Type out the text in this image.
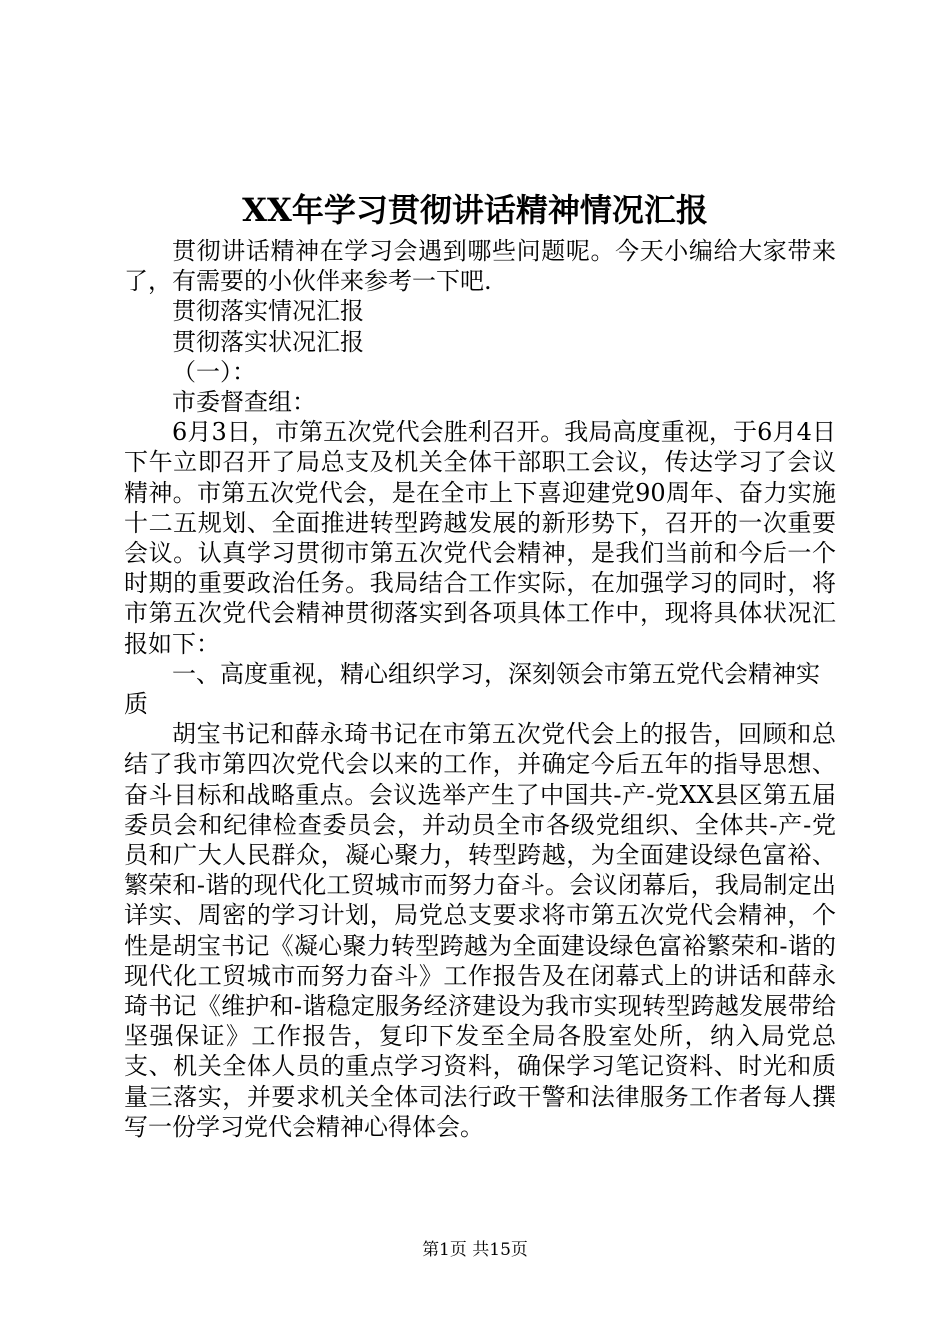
XX年学习贯彻讲话精神情况汇报

贯彻讲话精神在学习会遇到哪些问题呢。今天小编给大家带来了，有需要的小伙伴来参考一下吧.

贯彻落实情况汇报

贯彻落实状况汇报

（一）：

市委督查组：

6月3日，市第五次党代会胜利召开。我局高度重视，于6月4日下午立即召开了局总支及机关全体干部职工会议，传达学习了会议精神。市第五次党代会，是在全市上下喜迎建党90周年、奋力实施十二五规划、全面推进转型跨越发展的新形势下，召开的一次重要会议。认真学习贯彻市第五次党代会精神，是我们当前和今后一个时期的重要政治任务。我局结合工作实际，在加强学习的同时，将市第五次党代会精神贯彻落实到各项具体工作中，现将具体状况汇报如下：

一、高度重视，精心组织学习，深刻领会市第五党代会精神实质

胡宝书记和薛永琦书记在市第五次党代会上的报告，回顾和总结了我市第四次党代会以来的工作，并确定今后五年的指导思想、奋斗目标和战略重点。会议选举产生了中国共-产-党XX县区第五届委员会和纪律检查委员会，并动员全市各级党组织、全体共-产-党员和广大人民群众，凝心聚力，转型跨越，为全面建设绿色富裕、繁荣和-谐的现代化工贸城市而努力奋斗。会议闭幕后，我局制定出详实、周密的学习计划，局党总支要求将市第五次党代会精神，个性是胡宝书记《凝心聚力转型跨越为全面建设绿色富裕繁荣和-谐的现代化工贸城市而努力奋斗》工作报告及在闭幕式上的讲话和薛永琦书记《维护和-谐稳定服务经济建设为我市实现转型跨越发展带给坚强保证》工作报告，复印下发至全局各股室处所，纳入局党总支、机关全体人员的重点学习资料，确保学习笔记资料、时光和质量三落实，并要求机关全体司法行政干警和法律服务工作者每人撰写一份学习党代会精神心得体会。

第1页 共15页
